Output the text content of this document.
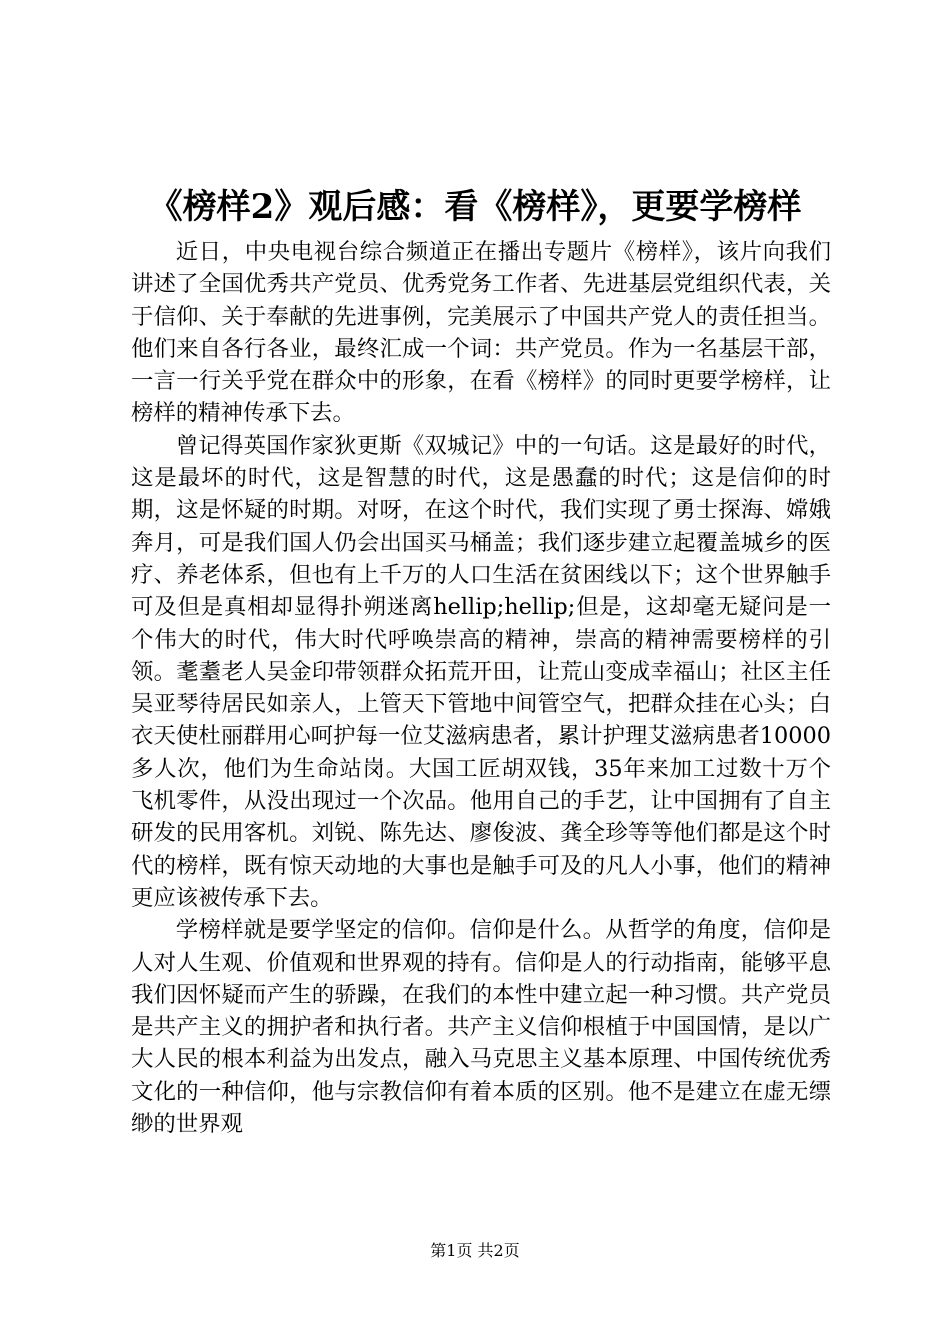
《榜样2》观后感：看《榜样》，更要学榜样

近日，中央电视台综合频道正在播出专题片《榜样》，该片向我们讲述了全国优秀共产党员、优秀党务工作者、先进基层党组织代表，关于信仰、关于奉献的先进事例，完美展示了中国共产党人的责任担当。他们来自各行各业，最终汇成一个词：共产党员。作为一名基层干部，一言一行关乎党在群众中的形象，在看《榜样》的同时更要学榜样，让榜样的精神传承下去。

曾记得英国作家狄更斯《双城记》中的一句话。这是最好的时代，这是最坏的时代，这是智慧的时代，这是愚蠢的时代；这是信仰的时期，这是怀疑的时期。对呀，在这个时代，我们实现了勇士探海、嫦娥奔月，可是我们国人仍会出国买马桶盖；我们逐步建立起覆盖城乡的医疗、养老体系，但也有上千万的人口生活在贫困线以下；这个世界触手可及但是真相却显得扑朔迷离hellip;hellip;但是，这却毫无疑问是一个伟大的时代，伟大时代呼唤崇高的精神，崇高的精神需要榜样的引领。耄耋老人吴金印带领群众拓荒开田，让荒山变成幸福山；社区主任吴亚琴待居民如亲人，上管天下管地中间管空气，把群众挂在心头；白衣天使杜丽群用心呵护每一位艾滋病患者，累计护理艾滋病患者10000多人次，他们为生命站岗。大国工匠胡双钱，35年来加工过数十万个飞机零件，从没出现过一个次品。他用自己的手艺，让中国拥有了自主研发的民用客机。刘锐、陈先达、廖俊波、龚全珍等等他们都是这个时代的榜样，既有惊天动地的大事也是触手可及的凡人小事，他们的精神更应该被传承下去。

学榜样就是要学坚定的信仰。信仰是什么。从哲学的角度，信仰是人对人生观、价值观和世界观的持有。信仰是人的行动指南，能够平息我们因怀疑而产生的骄躁，在我们的本性中建立起一种习惯。共产党员是共产主义的拥护者和执行者。共产主义信仰根植于中国国情，是以广大人民的根本利益为出发点，融入马克思主义基本原理、中国传统优秀文化的一种信仰，他与宗教信仰有着本质的区别。他不是建立在虚无缥缈的世界观

第1页 共2页
